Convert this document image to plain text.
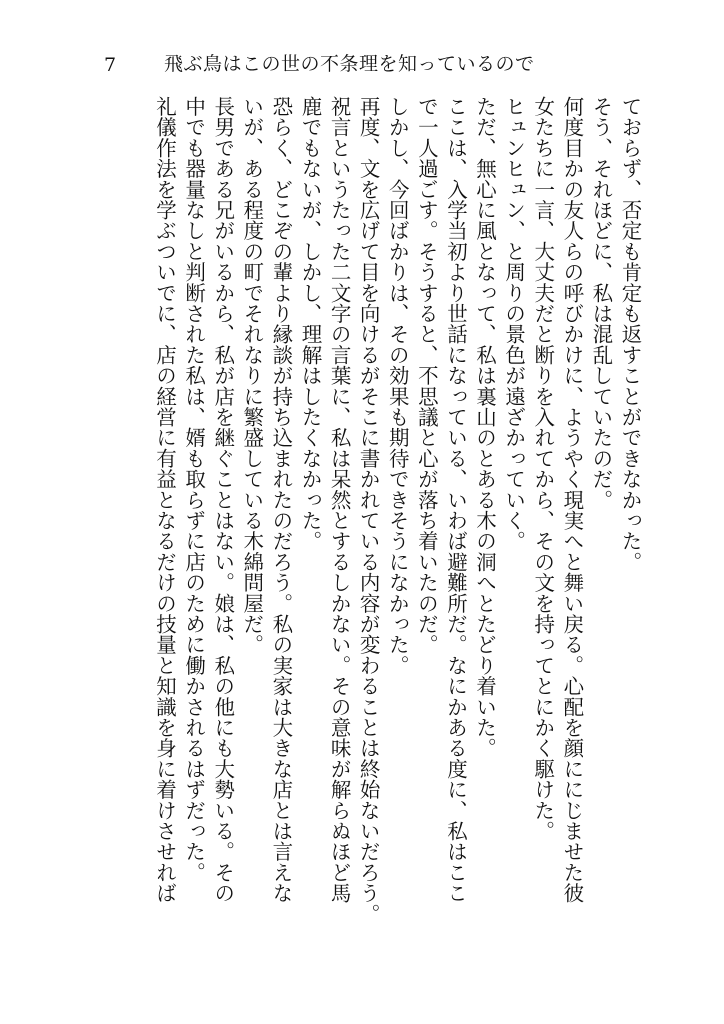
7	飛ぶ鳥はこの世の不条理を知っているので
ておらず、否定も肯定も返すことができなかった。
そう、それほどに、私は混乱していたのだ。
何度目かの友人らの呼びかけに、ようやく現実へと舞い戻る。心配を顔ににじませた彼
女たちに一言、大丈夫だと断りを入れてから、その文を持ってとにかく駆けた。
ヒュンヒュン、と周りの景色が遠ざかっていく。
ただ、無心に風となって、私は裏山のとある木の洞へとたどり着いた。
ここは、入学当初より世話になっている、いわば避難所だ。なにかある度に、私はここ
で一人過ごす。そうすると、不思議と心が落ち着いたのだ。
しかし、今回ばかりは、その効果も期待できそうになかった。
再度、文を広げて目を向けるがそこに書かれている内容が変わることは終始ないだろう。
祝言というたった二文字の言葉に、私は呆然とするしかない。その意味が解らぬほど馬
鹿でもないが、しかし、理解はしたくなかった。
恐らく、どこぞの輩より縁談が持ち込まれたのだろう。私の実家は大きな店とは言えな
いが、ある程度の町でそれなりに繁盛している木綿問屋だ。
長男である兄がいるから、私が店を継ぐことはない。娘は、私の他にも大勢いる。その
中でも器量なしと判断された私は、婿も取らずに店のために働かされるはずだった。
礼儀作法を学ぶついでに、店の経営に有益となるだけの技量と知識を身に着けさせれば
